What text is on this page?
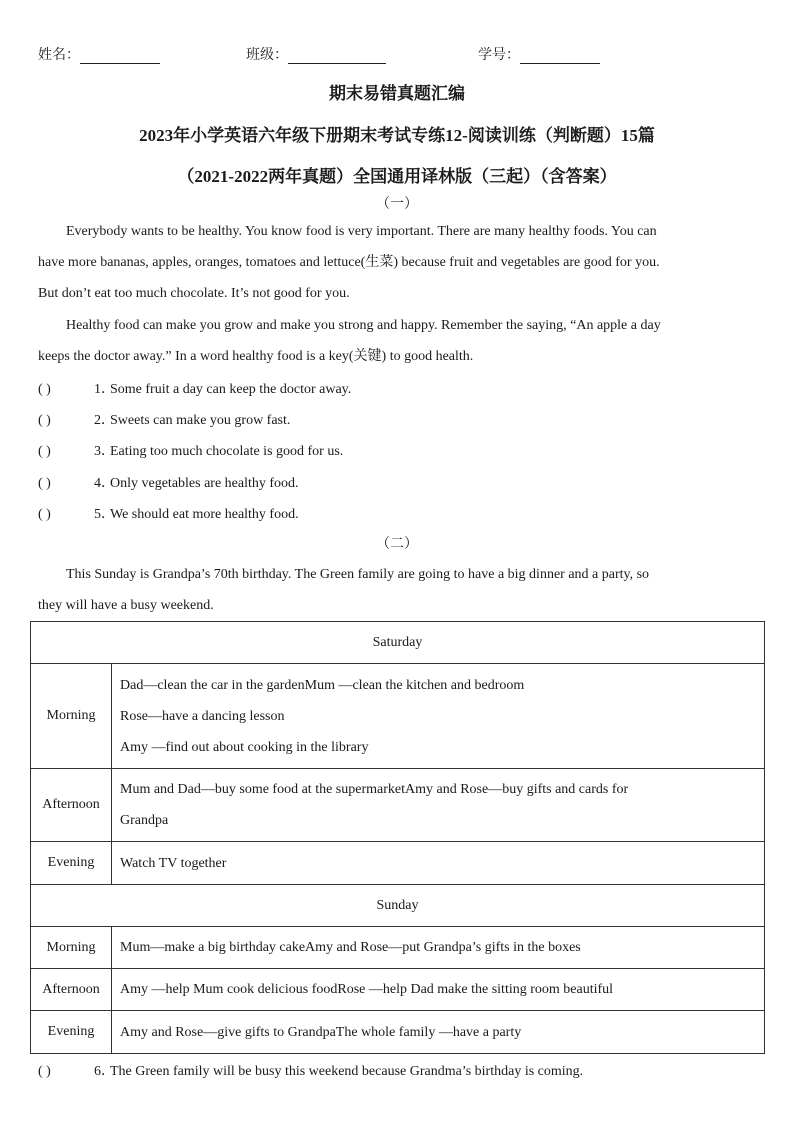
姓名：	班级：	学号：
期末易错真题汇编
2023年小学英语六年级下册期末考试专练12-阅读训练（判断题）15篇
（2021-2022两年真题）全国通用译林版（三起）（含答案）
（一）
Everybody wants to be healthy. You know food is very important. There are many healthy foods. You can
have more bananas, apples, oranges, tomatoes and lettuce(生菜) because fruit and vegetables are good for you.
But don’t eat too much chocolate. It’s not good for you.
Healthy food can make you grow and make you strong and happy. Remember the saying, “An apple a day
keeps the doctor away.” In a word healthy food is a key(关键) to good health.
( )	1．Some fruit a day can keep the doctor away.
( )	2．Sweets can make you grow fast.
( )	3．Eating too much chocolate is good for us.
( )	4．Only vegetables are healthy food.
( )	5．We should eat more healthy food.
（二）
This Sunday is Grandpa’s 70th birthday. The Green family are going to have a big dinner and a party, so
they will have a busy weekend.
Saturday	
Morning	Dad—clean the car in the gardenMum —clean the kitchen and bedroom
Rose—have a dancing lesson
Amy —find out about cooking in the library

Afternoon	Mum and Dad—buy some food at the supermarketAmy and Rose—buy gifts and cards for
Grandpa

Evening	Watch TV together

Sunday	
Morning	Mum—make a big birthday cakeAmy and Rose—put Grandpa’s gifts in the boxes

Afternoon	Amy —help Mum cook delicious foodRose —help Dad make the sitting room beautiful

Evening	Amy and Rose—give gifts to GrandpaThe whole family —have a party
( )	6．The Green family will be busy this weekend because Grandma’s birthday is coming.
